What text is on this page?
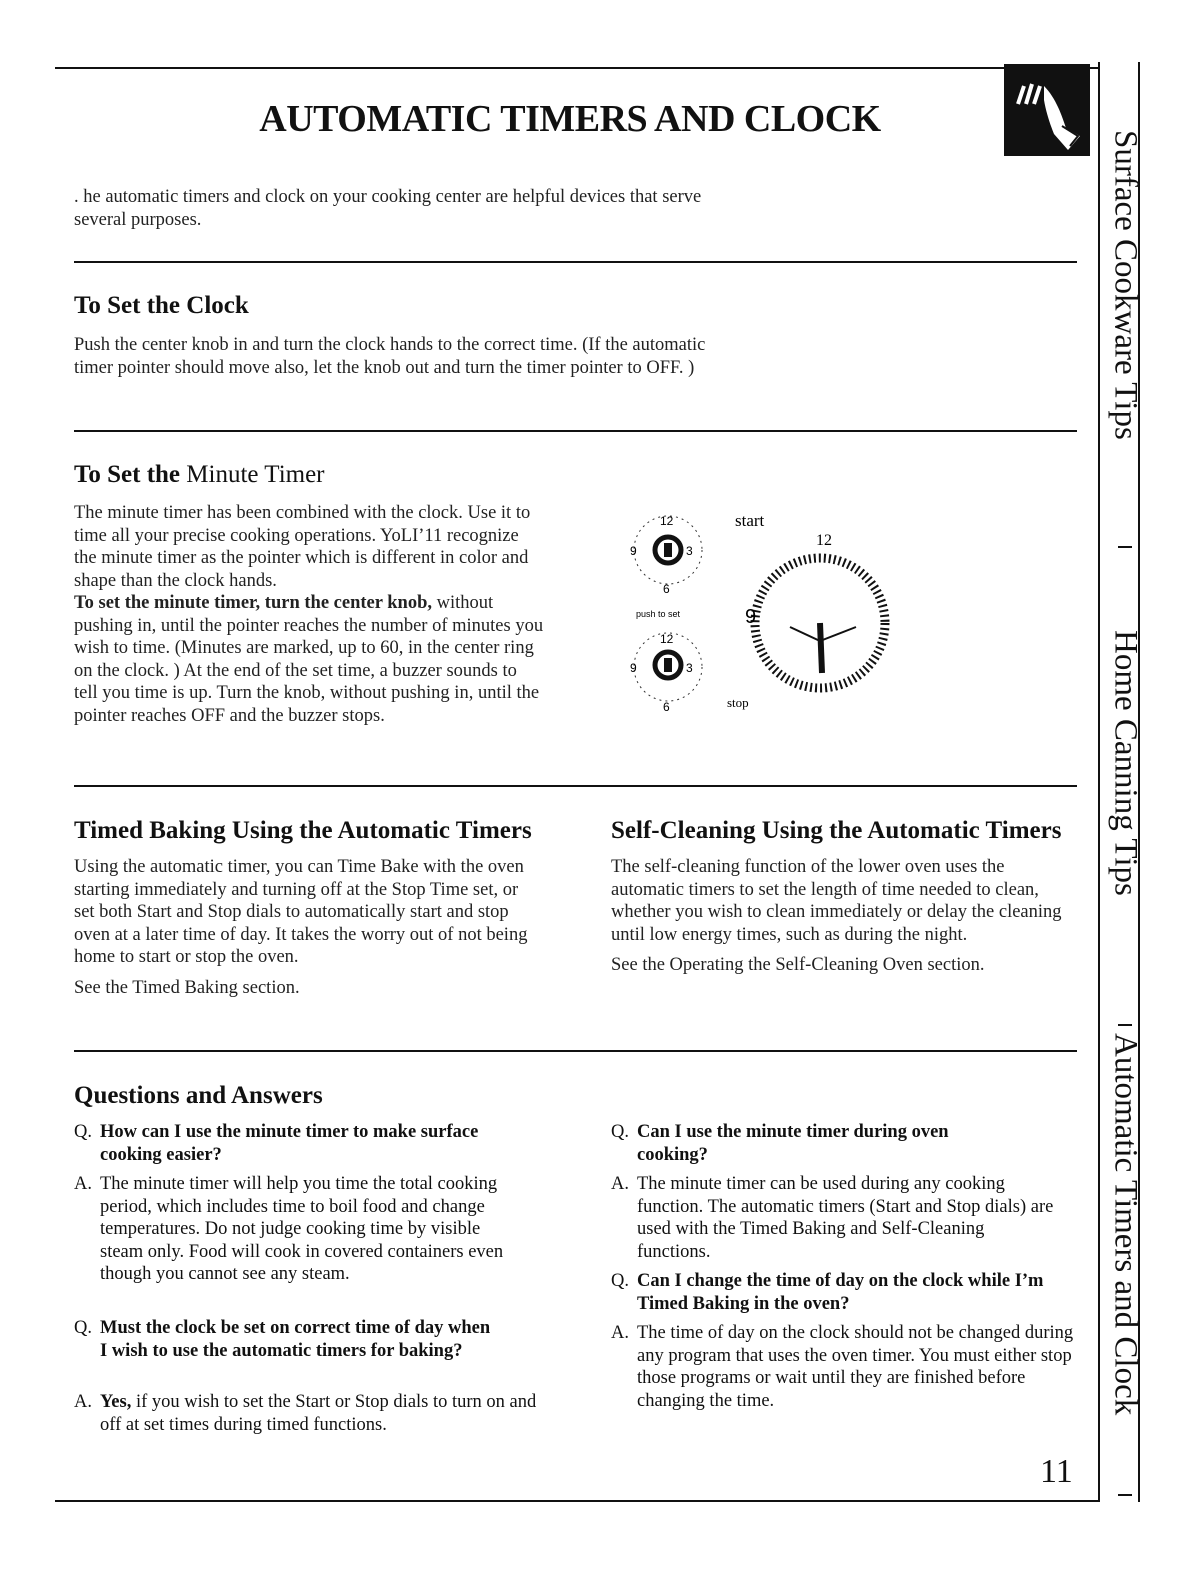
AUTOMATIC TIMERS AND CLOCK
. he automatic timers and clock on your cooking center are helpful devices that serve several purposes.
To Set the Clock
Push the center knob in and turn the clock hands to the correct time. (If the automatic timer pointer should move also, let the knob out and turn the timer pointer to OFF. )
To Set the Minute Timer
The minute timer has been combined with the clock. Use it to time all your precise cooking operations. YoLI’11 recognize the minute timer as the pointer which is different in color and shape than the clock hands.
To set the minute timer, turn the center knob, without pushing in, until the pointer reaches the number of minutes you wish to time. (Minutes are marked, up to 60, in the center ring on the clock. ) At the end of the set time, a buzzer sounds to tell you time is up. Turn the knob, without pushing in, until the pointer reaches OFF and the buzzer stops.
12
9	3
6
start
push to set
12
9	3
6	stop
12
9
Timed Baking Using the Automatic Timers
Using the automatic timer, you can Time Bake with the oven starting immediately and turning off at the Stop Time set, or set both Start and Stop dials to automatically start and stop oven at a later time of day. It takes the worry out of not being home to start or stop the oven.
See the Timed Baking section.
Self-Cleaning Using the Automatic Timers
The self-cleaning function of the lower oven uses the automatic timers to set the length of time needed to clean, whether you wish to clean immediately or delay the cleaning until low energy times, such as during the night.
See the Operating the Self-Cleaning Oven section.
Questions and Answers
Q. How can I use the minute timer to make surface cooking easier?
A. The minute timer will help you time the total cooking period, which includes time to boil food and change temperatures. Do not judge cooking time by visible steam only. Food will cook in covered containers even though you cannot see any steam.
Q. Must the clock be set on correct time of day when I wish to use the automatic timers for baking?
A. Yes, if you wish to set the Start or Stop dials to turn on and off at set times during timed functions.
Q. Can I use the minute timer during oven cooking?
A. The minute timer can be used during any cooking function. The automatic timers (Start and Stop dials) are used with the Timed Baking and Self-Cleaning functions.
Q. Can I change the time of day on the clock while I’m Timed Baking in the oven?
A. The time of day on the clock should not be changed during any program that uses the oven timer. You must either stop those programs or wait until they are finished before changing the time.
11
Surface Cookware Tips
Home Canning Tips
Automatic Timers and Clock
